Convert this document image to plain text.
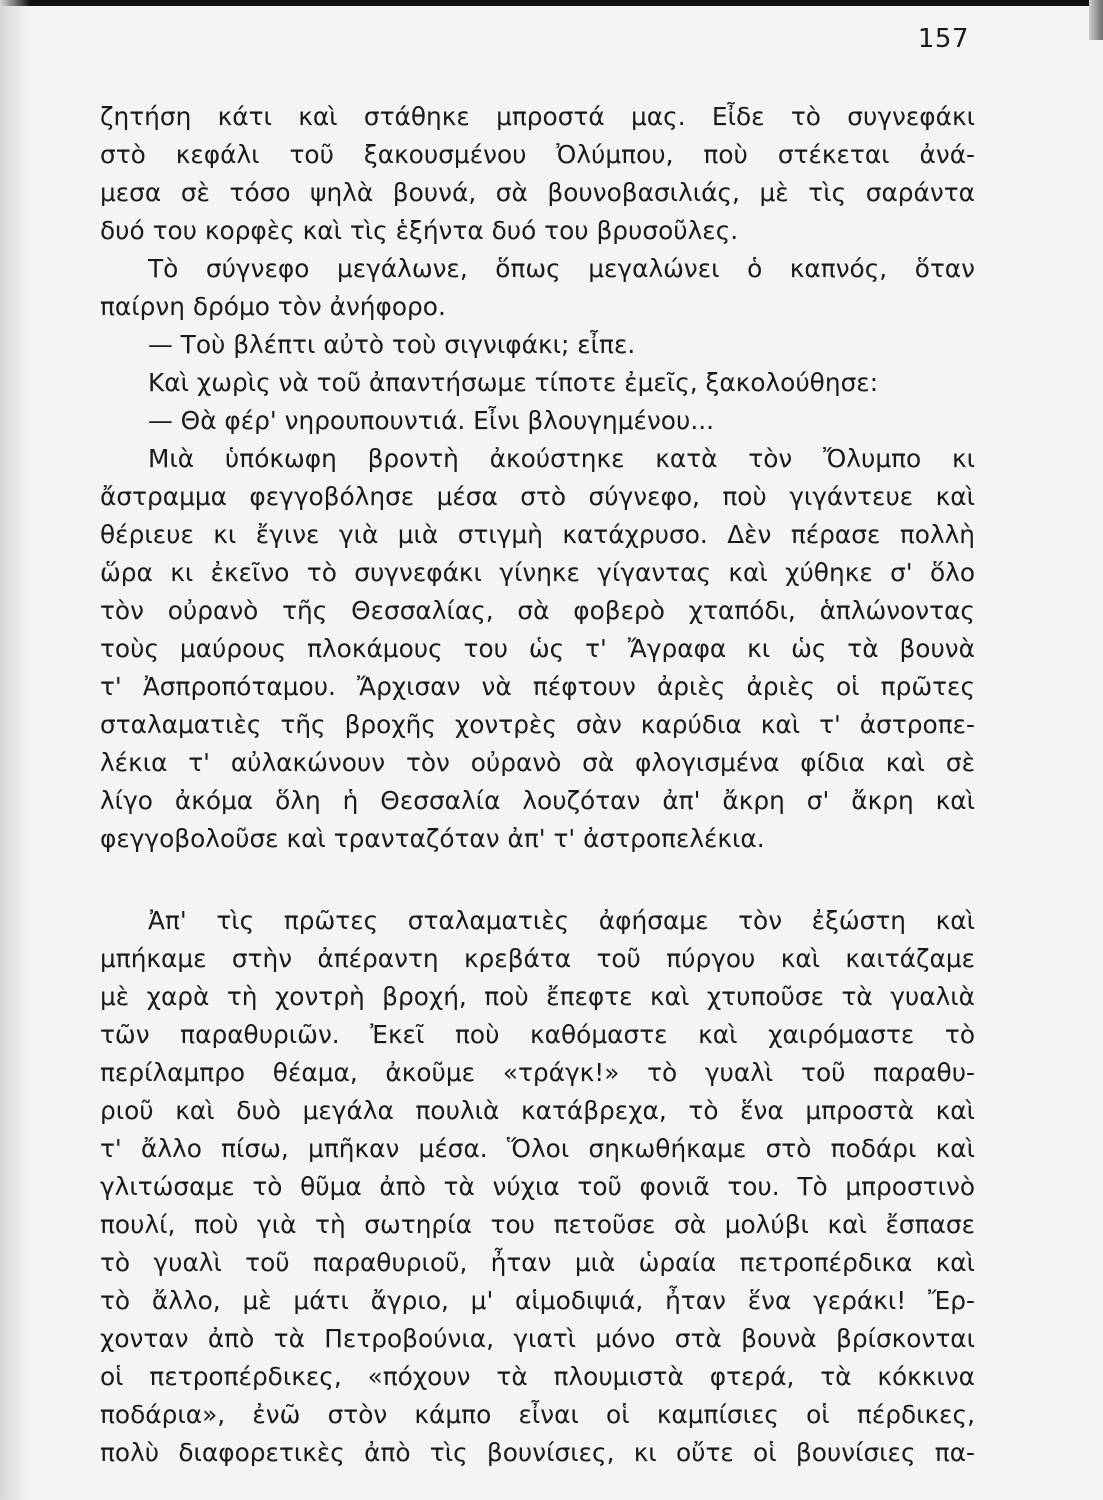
157
ζητήση κάτι καὶ στάθηκε μπροστά μας. Εἶδε τὸ συγνεφάκι
στὸ κεφάλι τοῦ ξακουσμένου Ὀλύμπου, ποὺ στέκεται ἀνά-
μεσα σὲ τόσο ψηλὰ βουνά, σὰ βουνοβασιλιάς, μὲ τὶς σαράντα
δυό του κορφὲς καὶ τὶς ἑξήντα δυό του βρυσοῦλες.
Τὸ σύγνεφο μεγάλωνε, ὅπως μεγαλώνει ὁ καπνός, ὅταν
παίρνη δρόμο τὸν ἀνήφορο.
— Τοὺ βλέπτι αὐτὸ τοὺ σιγνιφάκι; εἶπε.
Καὶ χωρὶς νὰ τοῦ ἀπαντήσωμε τίποτε ἐμεῖς, ξακολούθησε:
— Θὰ φέρ' νηρουπουντιά. Εἶνι βλουγημένου...
Μιὰ ὑπόκωφη βροντὴ ἀκούστηκε κατὰ τὸν Ὄλυμπο κι
ἄστραμμα φεγγοβόλησε μέσα στὸ σύγνεφο, ποὺ γιγάντευε καὶ
θέριευε κι ἔγινε γιὰ μιὰ στιγμὴ κατάχρυσο. Δὲν πέρασε πολλὴ
ὥρα κι ἐκεῖνο τὸ συγνεφάκι γίνηκε γίγαντας καὶ χύθηκε σ' ὅλο
τὸν οὐρανὸ τῆς Θεσσαλίας, σὰ φοβερὸ χταπόδι, ἁπλώνοντας
τοὺς μαύρους πλοκάμους του ὡς τ' Ἄγραφα κι ὡς τὰ βουνὰ
τ' Ἀσπροπόταμου. Ἄρχισαν νὰ πέφτουν ἀριὲς ἀριὲς οἱ πρῶτες
σταλαματιὲς τῆς βροχῆς χοντρὲς σὰν καρύδια καὶ τ' ἀστροπε-
λέκια τ' αὐλακώνουν τὸν οὐρανὸ σὰ φλογισμένα φίδια καὶ σὲ
λίγο ἀκόμα ὅλη ἡ Θεσσαλία λουζόταν ἀπ' ἄκρη σ' ἄκρη καὶ
φεγγοβολοῦσε καὶ τρανταζόταν ἀπ' τ' ἀστροπελέκια.
Ἀπ' τὶς πρῶτες σταλαματιὲς ἀφήσαμε τὸν ἐξώστη καὶ
μπήκαμε στὴν ἀπέραντη κρεβάτα τοῦ πύργου καὶ καιτάζαμε
μὲ χαρὰ τὴ χοντρὴ βροχή, ποὺ ἔπεφτε καὶ χτυποῦσε τὰ γυαλιὰ
τῶν παραθυριῶν. Ἐκεῖ ποὺ καθόμαστε καὶ χαιρόμαστε τὸ
περίλαμπρο θέαμα, ἀκοῦμε «τράγκ!» τὸ γυαλὶ τοῦ παραθυ-
ριοῦ καὶ δυὸ μεγάλα πουλιὰ κατάβρεχα, τὸ ἕνα μπροστὰ καὶ
τ' ἄλλο πίσω, μπῆκαν μέσα. Ὅλοι σηκωθήκαμε στὸ ποδάρι καὶ
γλιτώσαμε τὸ θῦμα ἀπὸ τὰ νύχια τοῦ φονιᾶ του. Τὸ μπροστινὸ
πουλί, ποὺ γιὰ τὴ σωτηρία του πετοῦσε σὰ μολύβι καὶ ἔσπασε
τὸ γυαλὶ τοῦ παραθυριοῦ, ἦταν μιὰ ὡραία πετροπέρδικα καὶ
τὸ ἄλλο, μὲ μάτι ἄγριο, μ' αἱμοδιψιά, ἦταν ἕνα γεράκι! Ἔρ-
χονταν ἀπὸ τὰ Πετροβούνια, γιατὶ μόνο στὰ βουνὰ βρίσκονται
οἱ πετροπέρδικες, «πόχουν τὰ πλουμιστὰ φτερά, τὰ κόκκινα
ποδάρια», ἐνῶ στὸν κάμπο εἶναι οἱ καμπίσιες οἱ πέρδικες,
πολὺ διαφορετικὲς ἀπὸ τὶς βουνίσιες, κι οὔτε οἱ βουνίσιες πα-
